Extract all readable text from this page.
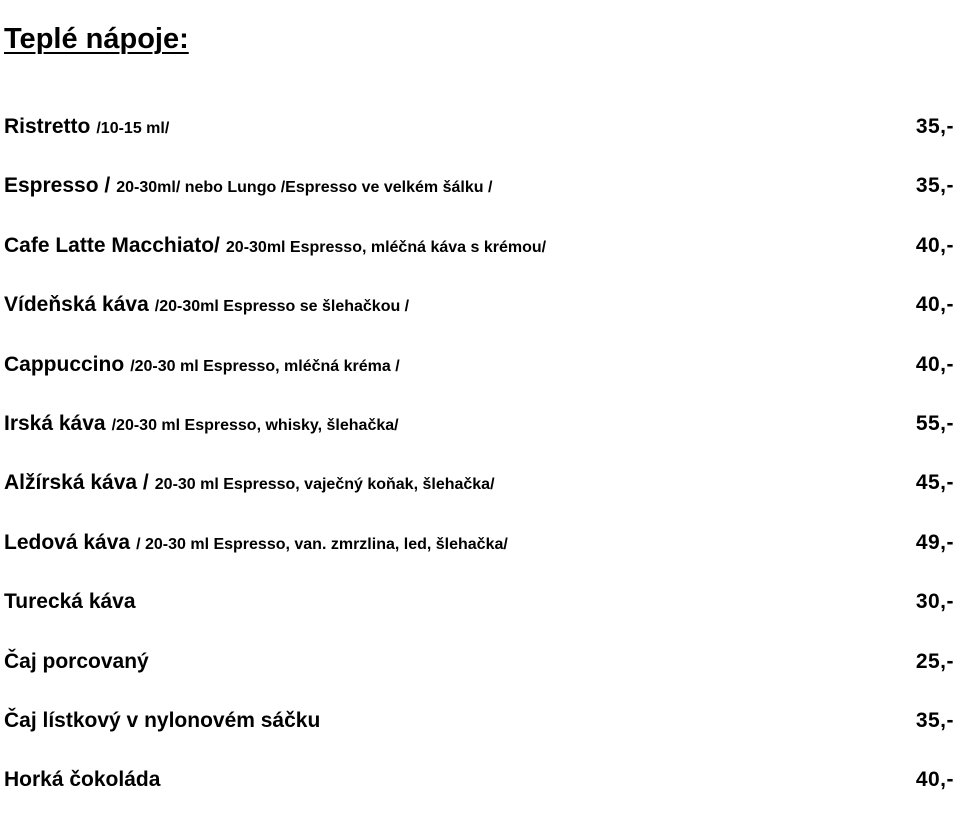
Teplé nápoje:
Ristretto /10-15 ml/	35,-
Espresso / 20-30ml/ nebo Lungo /Espresso ve velkém šálku /	35,-
Cafe Latte Macchiato/ 20-30ml Espresso, mléčná káva s krémou/	40,-
Vídeňská káva /20-30ml Espresso se šlehačkou /	40,-
Cappuccino /20-30 ml Espresso, mléčná kréma /	40,-
Irská káva /20-30 ml Espresso, whisky, šlehačka/	55,-
Alžírská káva / 20-30 ml Espresso, vaječný koňak, šlehačka/	45,-
Ledová káva / 20-30 ml Espresso, van. zmrzlina, led, šlehačka/	49,-
Turecká káva	30,-
Čaj porcovaný	25,-
Čaj lístkový v nylonovém sáčku	35,-
Horká čokoláda	40,-
